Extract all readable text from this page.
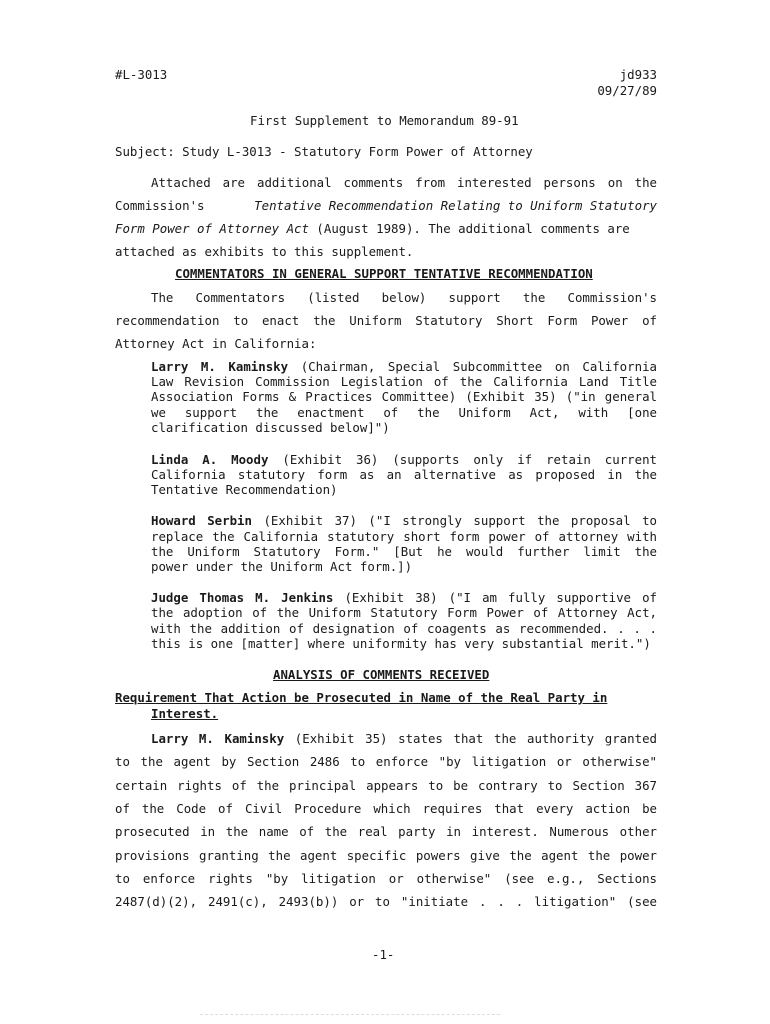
#L-3013	jd933
09/27/89
First Supplement to Memorandum 89-91
Subject: Study L-3013 - Statutory Form Power of Attorney
Attached are additional comments from interested persons on the
Commission's	Tentative Recommendation Relating to Uniform Statutory
Form Power of Attorney Act (August 1989). The additional comments are
attached as exhibits to this supplement.
COMMENTATORS IN GENERAL SUPPORT TENTATIVE RECOMMENDATION
The Commentators (listed below) support the Commission's
recommendation to enact the Uniform Statutory Short Form Power of
Attorney Act in California:
Larry M. Kaminsky (Chairman, Special Subcommittee on California
Law Revision Commission Legislation of the California Land Title
Association Forms & Practices Committee) (Exhibit 35) ("in general
we support the enactment of the Uniform Act, with [one
clarification discussed below]")
Linda A. Moody (Exhibit 36) (supports only if retain current
California statutory form as an alternative as proposed in the
Tentative Recommendation)
Howard Serbin (Exhibit 37) ("I strongly support the proposal to
replace the California statutory short form power of attorney with
the Uniform Statutory Form." [But he would further limit the
power under the Uniform Act form.])
Judge Thomas M. Jenkins (Exhibit 38) ("I am fully supportive of
the adoption of the Uniform Statutory Form Power of Attorney Act,
with the addition of designation of coagents as recommended. . . .
this is one [matter] where uniformity has very substantial merit.")
ANALYSIS OF COMMENTS RECEIVED
Requirement That Action be Prosecuted in Name of the Real Party in
Interest.
Larry M. Kaminsky (Exhibit 35) states that the authority granted
to the agent by Section 2486 to enforce "by litigation or otherwise"
certain rights of the principal appears to be contrary to Section 367
of the Code of Civil Procedure which requires that every action be
prosecuted in the name of the real party in interest. Numerous other
provisions granting the agent specific powers give the agent the power
to enforce rights "by litigation or otherwise" (see e.g., Sections
2487(d)(2), 2491(c), 2493(b)) or to "initiate . . . litigation" (see
-1-
